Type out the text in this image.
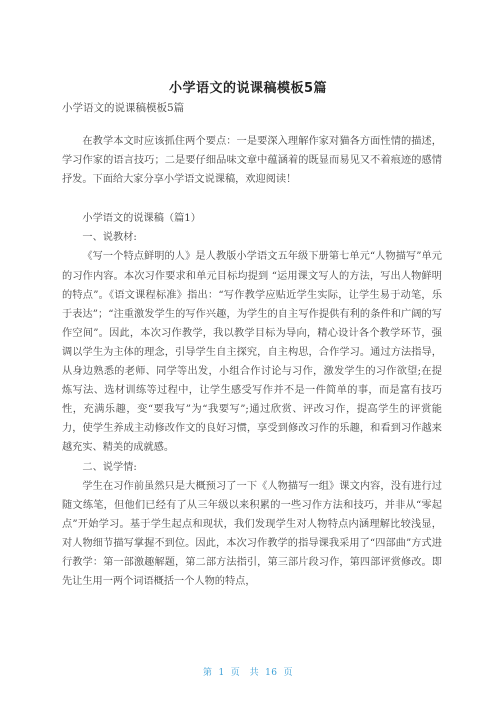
小学语文的说课稿模板5篇
小学语文的说课稿模板5篇

在教学本文时应该抓住两个要点：一是要深入理解作家对猫各方面性情的描述，学习作家的语言技巧；二是要仔细品味文章中蕴涵着的既显而易见又不着痕迹的感情抒发。下面给大家分享小学语文说课稿，欢迎阅读！

小学语文的说课稿（篇1）

一、说教材:

《写一个特点鲜明的人》是人教版小学语文五年级下册第七单元“人物描写”单元的习作内容。本次习作要求和单元目标均提到 “运用课文写人的方法，写出人物鲜明的特点”。《语文课程标准》指出：“写作教学应贴近学生实际，让学生易于动笔，乐于表达”；“注重激发学生的写作兴趣，为学生的自主写作提供有利的条件和广阔的写作空间”。因此，本次习作教学，我以教学目标为导向，精心设计各个教学环节，强调以学生为主体的理念，引导学生自主探究，自主构思，合作学习。通过方法指导，从身边熟悉的老师、同学等出发，小组合作讨论与习作，激发学生的习作欲望;在提炼写法、选材训练等过程中，让学生感受写作并不是一件简单的事，而是富有技巧性，充满乐趣，变“要我写”为“我要写”;通过欣赏、评改习作，提高学生的评赏能力，使学生养成主动修改作文的良好习惯，享受到修改习作的乐趣，和看到习作越来越充实、精美的成就感。

二、说学情:

学生在习作前虽然只是大概预习了一下《人物描写一组》课文内容，没有进行过随文练笔，但他们已经有了从三年级以来积累的一些习作方法和技巧，并非从“零起点”开始学习。基于学生起点和现状，我们发现学生对人物特点内涵理解比较浅显，对人物细节描写掌握不到位。因此，本次习作教学的指导课我采用了“四部曲”方式进行教学：第一部激趣解题，第二部方法指引，第三部片段习作，第四部评赏修改。即先让生用一两个词语概括一个人物的特点，

第 1 页 共 16 页
